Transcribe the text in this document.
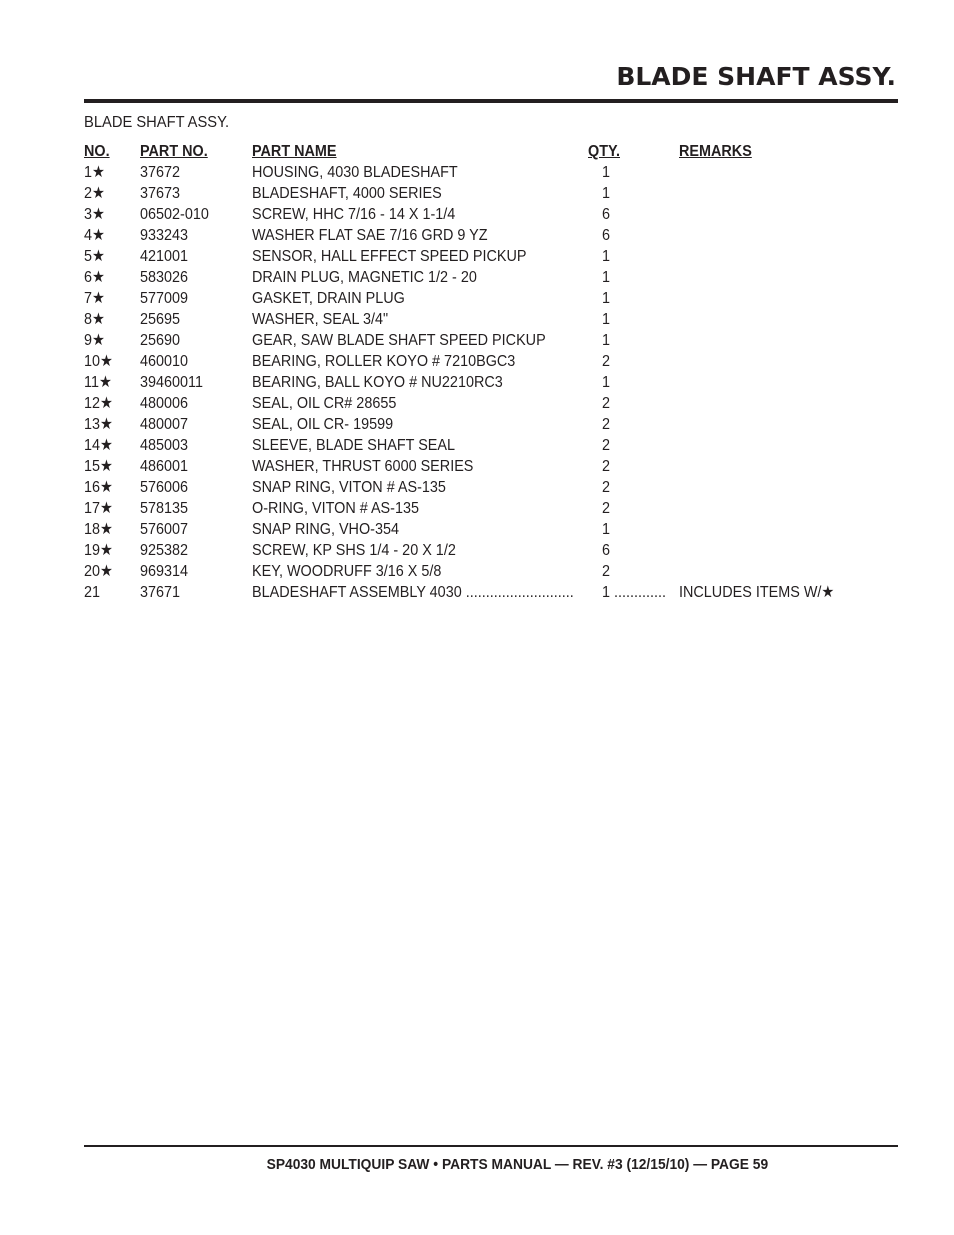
BLADE SHAFT ASSY.
BLADE SHAFT ASSY.
NO. PART NO.	PART NAME	QTY.	REMARKS
1★ 37672	HOUSING, 4030 BLADESHAFT	1
2★ 37673	BLADESHAFT, 4000 SERIES	1
3★ 06502-010	SCREW, HHC 7/16 - 14 X 1-1/4	6
4★ 933243	WASHER FLAT SAE 7/16 GRD 9 YZ	6
5★ 421001	SENSOR, HALL EFFECT SPEED PICKUP	1
6★ 583026	DRAIN PLUG, MAGNETIC 1/2 - 20	1
7★ 577009	GASKET, DRAIN PLUG	1
8★ 25695	WASHER, SEAL 3/4"	1
9★ 25690	GEAR, SAW BLADE SHAFT SPEED PICKUP	1
10★ 460010	BEARING, ROLLER KOYO # 7210BGC3	2
11★ 39460011	BEARING, BALL KOYO # NU2210RC3	1
12★ 480006	SEAL, OIL CR# 28655	2
13★ 480007	SEAL, OIL CR- 19599	2
14★ 485003	SLEEVE, BLADE SHAFT SEAL	2
15★ 486001	WASHER, THRUST 6000 SERIES	2
16★ 576006	SNAP RING, VITON # AS-135	2
17★ 578135	O-RING, VITON # AS-135	2
18★ 576007	SNAP RING, VHO-354	1
19★ 925382	SCREW, KP SHS 1/4 - 20 X 1/2	6
20★ 969314	KEY, WOODRUFF 3/16 X 5/8	2
21 37671	BLADESHAFT ASSEMBLY 4030 ........................... 1 ............. INCLUDES ITEMS W/★
SP4030 MULTIQUIP SAW • PARTS MANUAL — REV. #3 (12/15/10) — PAGE 59
